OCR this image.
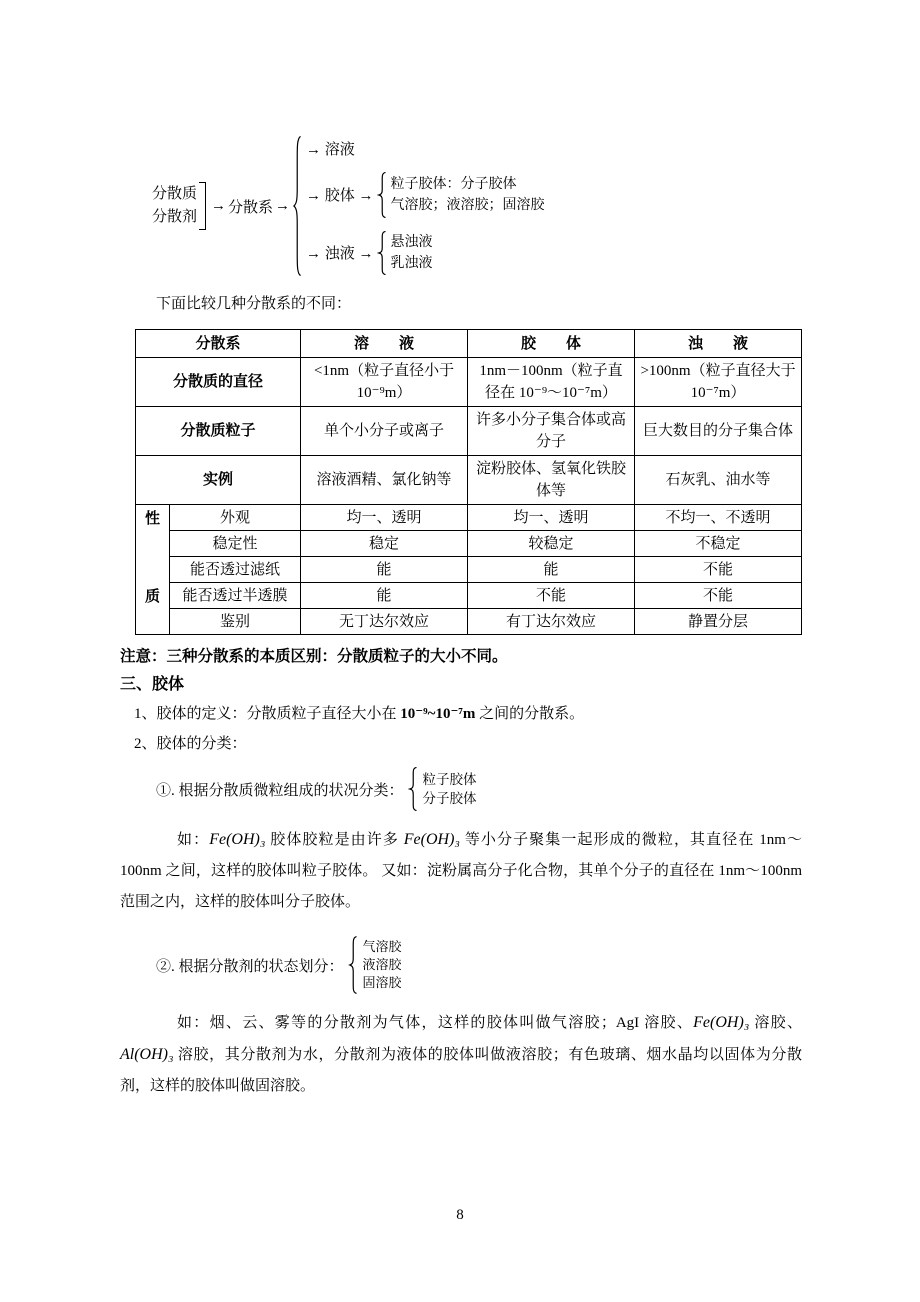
分散质
分散剂
→ 分散系 →
→ 溶液
→ 胶体 →
粒子胶体：分子胶体
气溶胶；液溶胶；固溶胶
→ 浊液 →
悬浊液
乳浊液
下面比较几种分散系的不同：
分散系		溶　　液	胶　　体	浊　　液
分散质的直径		<1nm（粒子直径小于 10⁻⁹m）	1nm－100nm（粒子直径在 10⁻⁹～10⁻⁷m）	>100nm（粒子直径大于 10⁻⁷m）
分散质粒子		单个小分子或离子	许多小分子集合体或高分子	巨大数目的分子集合体
实例		溶液酒精、氯化钠等	淀粉胶体、氢氧化铁胶体等	石灰乳、油水等

性
质	外观	均一、透明	均一、透明	不均一、不透明
	稳定性	稳定	较稳定	不稳定
	能否透过滤纸	能	能	不能
	能否透过半透膜	能	不能	不能
	鉴别	无丁达尔效应	有丁达尔效应	静置分层
注意：三种分散系的本质区别：分散质粒子的大小不同。
三、胶体
1、胶体的定义：分散质粒子直径大小在 10⁻⁹~10⁻⁷m 之间的分散系。
2、胶体的分类：
①. 根据分散质微粒组成的状况分类：
粒子胶体
分子胶体
如：Fe(OH)₃ 胶体胶粒是由许多 Fe(OH)₃ 等小分子聚集一起形成的微粒，其直径在 1nm～100nm 之间，这样的胶体叫粒子胶体。 又如：淀粉属高分子化合物，其单个分子的直径在 1nm～100nm 范围之内，这样的胶体叫分子胶体。
②. 根据分散剂的状态划分：
气溶胶
液溶胶
固溶胶
如：烟、云、雾等的分散剂为气体，这样的胶体叫做气溶胶；AgI 溶胶、Fe(OH)₃ 溶胶、Al(OH)₃ 溶胶，其分散剂为水，分散剂为液体的胶体叫做液溶胶；有色玻璃、烟水晶均以固体为分散剂，这样的胶体叫做固溶胶。
8
